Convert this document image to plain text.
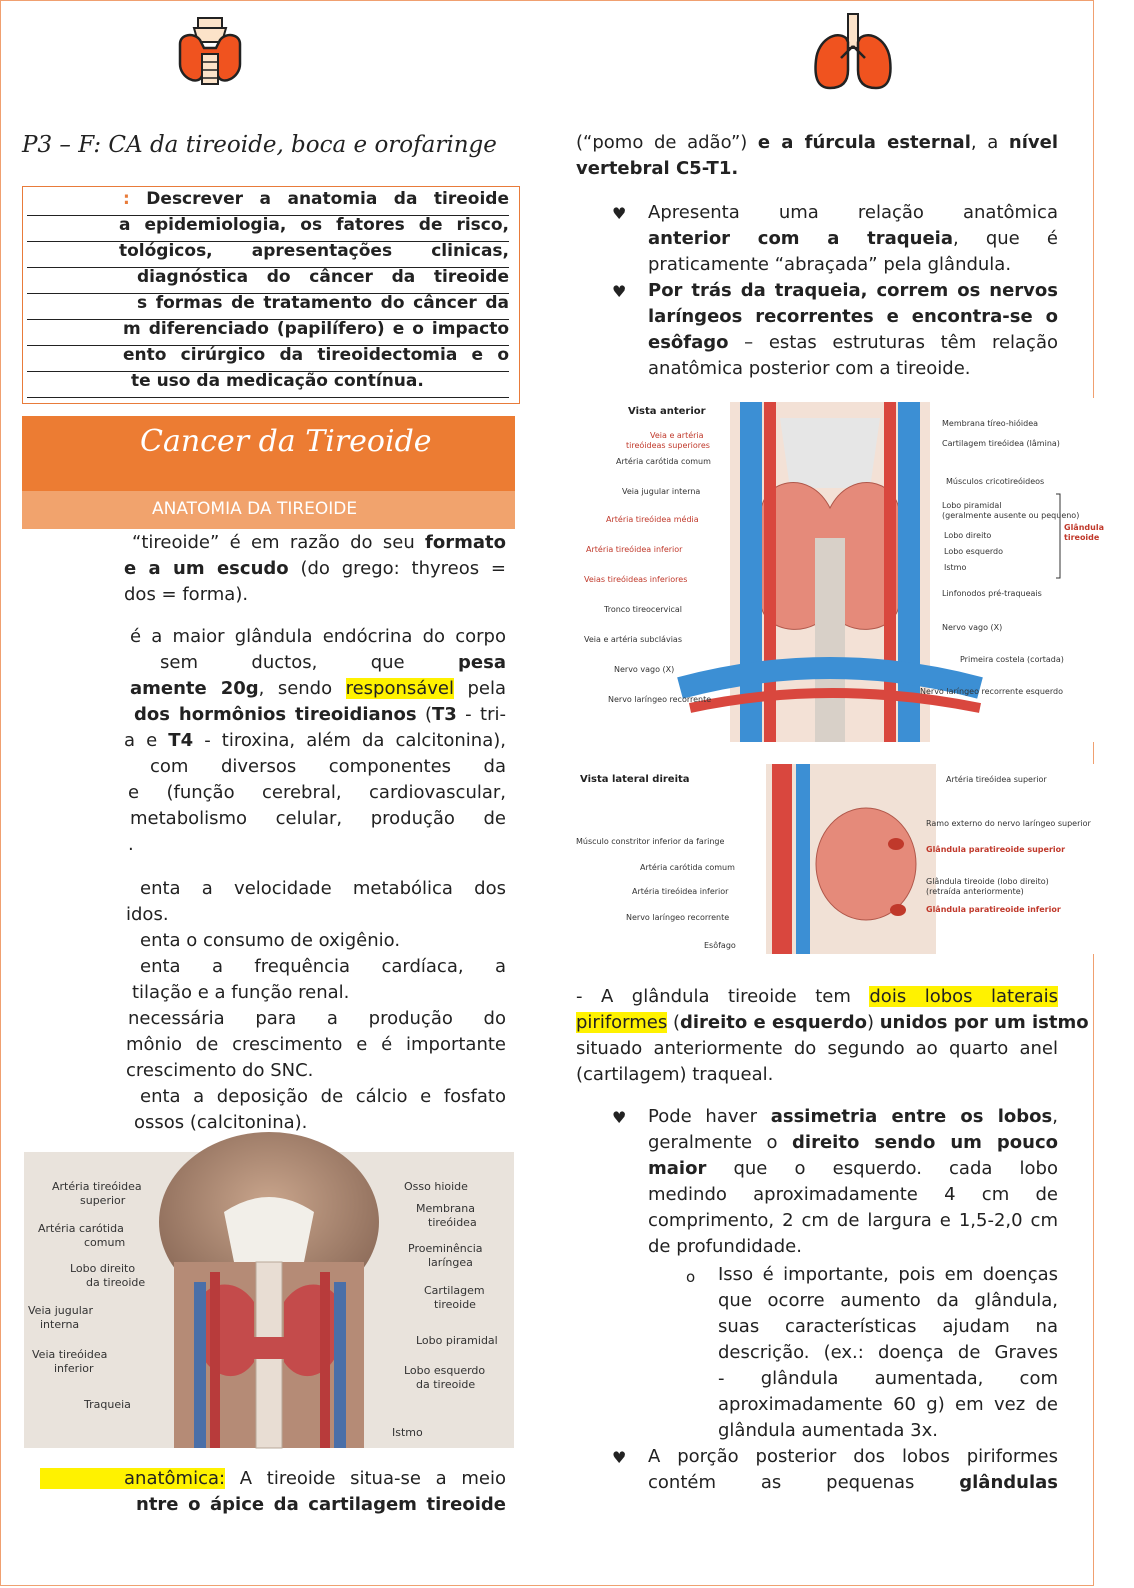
P3 – F: CA da tireoide, boca e orofaringe
: Descrever a anatomia da tireoide
a epidemiologia, os fatores de risco,
tológicos, apresentações clinicas,
diagnóstica do câncer da tireoide
s formas de tratamento do câncer da
m diferenciado (papilífero) e o impacto
ento cirúrgico da tireoidectomia e o
te uso da medicação contínua.
Cancer da Tireoide
ANATOMIA DA TIREOIDE
“tireoide” é em razão do seu formato
e a um escudo (do grego: thyreos =
dos = forma).
é a maior glândula endócrina do corpo
sem ductos, que pesa
amente 20g, sendo responsável pela
dos hormônios tireoidianos (T3 - tri-
a e T4 - tiroxina, além da calcitonina),
com diversos componentes da
e (função cerebral, cardiovascular,
metabolismo celular, produção de
.
enta a velocidade metabólica dos
idos.
enta o consumo de oxigênio.
enta a frequência cardíaca, a
tilação e a função renal.
necessária para a produção do
mônio de crescimento e é importante
crescimento do SNC.
enta a deposição de cálcio e fosfato
ossos (calcitonina).
Artéria tireóidea
superior
Artéria carótida
comum
Lobo direito
da tireoide
Veia jugular
interna
Veia tireóidea
inferior
Traqueia
Osso hioide
Membrana
tireóidea
Proeminência
laríngea
Cartilagem
tireoide
Lobo piramidal
Lobo esquerdo
da tireoide
Istmo
anatômica: A tireoide situa-se a meio
ntre o ápice da cartilagem tireoide
(“pomo de adão”) e a fúrcula esternal, a nível
vertebral C5-T1.
♥ Apresenta uma relação anatômica
anterior com a traqueia, que é
praticamente “abraçada” pela glândula.
♥ Por trás da traqueia, correm os nervos
laríngeos recorrentes e encontra-se o
esôfago – estas estruturas têm relação
anatômica posterior com a tireoide.
Vista anterior
Veia e artéria
tireóideas superiores
Artéria carótida comum
Veia jugular interna
Artéria tireóidea média
Artéria tireóidea inferior
Veias tireóideas inferiores
Tronco tireocervical
Veia e artéria subclávias
Nervo vago (X)
Nervo laríngeo recorrente
Membrana tíreo-hióidea
Cartilagem tireóidea (lâmina)
Músculos cricotireóideos
Lobo piramidal
(geralmente ausente ou pequeno)
Lobo direito
Lobo esquerdo
Istmo
Linfonodos pré-traqueais
Nervo vago (X)
Primeira costela (cortada)
Nervo laríngeo recorrente esquerdo
Glândula
tireoide
Vista lateral direita
Músculo constritor inferior da faringe
Artéria carótida comum
Artéria tireóidea inferior
Nervo laríngeo recorrente
Esôfago
Artéria tireóidea superior
Ramo externo do nervo laríngeo superior
Glândula paratireoide superior
Glândula tireoide (lobo direito)
(retraída anteriormente)
Glândula paratireoide inferior
- A glândula tireoide tem dois lobos laterais
piriformes (direito e esquerdo) unidos por um istmo
situado anteriormente do segundo ao quarto anel
(cartilagem) traqueal.
♥ Pode haver assimetria entre os lobos,
geralmente o direito sendo um pouco
maior que o esquerdo. cada lobo
medindo aproximadamente 4 cm de
comprimento, 2 cm de largura e 1,5-2,0 cm
de profundidade.
o Isso é importante, pois em doenças
que ocorre aumento da glândula,
suas características ajudam na
descrição. (ex.: doença de Graves
- glândula aumentada, com
aproximadamente 60 g) em vez de
glândula aumentada 3x.
♥ A porção posterior dos lobos piriformes
contém as pequenas glândulas
